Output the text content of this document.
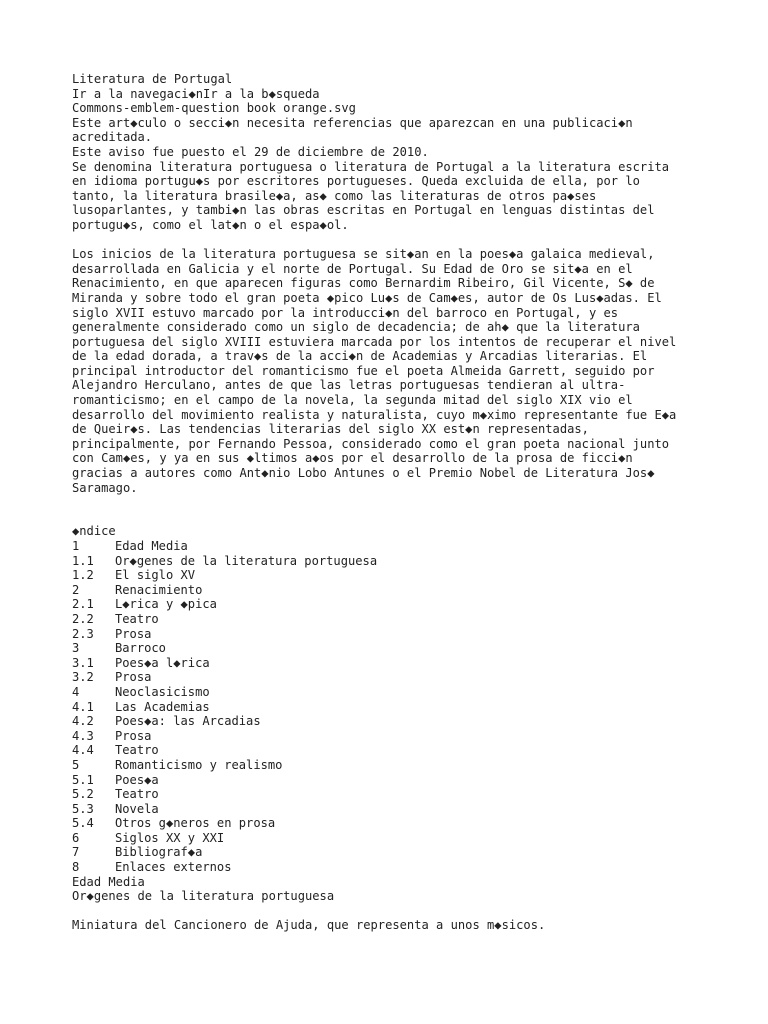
Literatura de Portugal
Ir a la navegaci◆nIr a la b◆squeda
Commons-emblem-question book orange.svg
Este art◆culo o secci◆n necesita referencias que aparezcan en una publicaci◆n
acreditada.
Este aviso fue puesto el 29 de diciembre de 2010.
Se denomina literatura portuguesa o literatura de Portugal a la literatura escrita
en idioma portugu◆s por escritores portugueses. Queda excluida de ella, por lo
tanto, la literatura brasile◆a, as◆ como las literaturas de otros pa◆ses
lusoparlantes, y tambi◆n las obras escritas en Portugal en lenguas distintas del
portugu◆s, como el lat◆n o el espa◆ol.
Los inicios de la literatura portuguesa se sit◆an en la poes◆a galaica medieval,
desarrollada en Galicia y el norte de Portugal. Su Edad de Oro se sit◆a en el
Renacimiento, en que aparecen figuras como Bernardim Ribeiro, Gil Vicente, S◆ de
Miranda y sobre todo el gran poeta ◆pico Lu◆s de Cam◆es, autor de Os Lus◆adas. El
siglo XVII estuvo marcado por la introducci◆n del barroco en Portugal, y es
generalmente considerado como un siglo de decadencia; de ah◆ que la literatura
portuguesa del siglo XVIII estuviera marcada por los intentos de recuperar el nivel
de la edad dorada, a trav◆s de la acci◆n de Academias y Arcadias literarias. El
principal introductor del romanticismo fue el poeta Almeida Garrett, seguido por
Alejandro Herculano, antes de que las letras portuguesas tendieran al ultra-
romanticismo; en el campo de la novela, la segunda mitad del siglo XIX vio el
desarrollo del movimiento realista y naturalista, cuyo m◆ximo representante fue E◆a
de Queir◆s. Las tendencias literarias del siglo XX est◆n representadas,
principalmente, por Fernando Pessoa, considerado como el gran poeta nacional junto
con Cam◆es, y ya en sus ◆ltimos a◆os por el desarrollo de la prosa de ficci◆n
gracias a autores como Ant◆nio Lobo Antunes o el Premio Nobel de Literatura Jos◆
Saramago.
◆ndice
1	Edad Media
1.1	Or◆genes de la literatura portuguesa
1.2	El siglo XV
2	Renacimiento
2.1	L◆rica y ◆pica
2.2	Teatro
2.3	Prosa
3	Barroco
3.1	Poes◆a l◆rica
3.2	Prosa
4	Neoclasicismo
4.1	Las Academias
4.2	Poes◆a: las Arcadias
4.3	Prosa
4.4	Teatro
5	Romanticismo y realismo
5.1	Poes◆a
5.2	Teatro
5.3	Novela
5.4	Otros g◆neros en prosa
6	Siglos XX y XXI
7	Bibliograf◆a
8	Enlaces externos
Edad Media
Or◆genes de la literatura portuguesa
Miniatura del Cancionero de Ajuda, que representa a unos m◆sicos.
